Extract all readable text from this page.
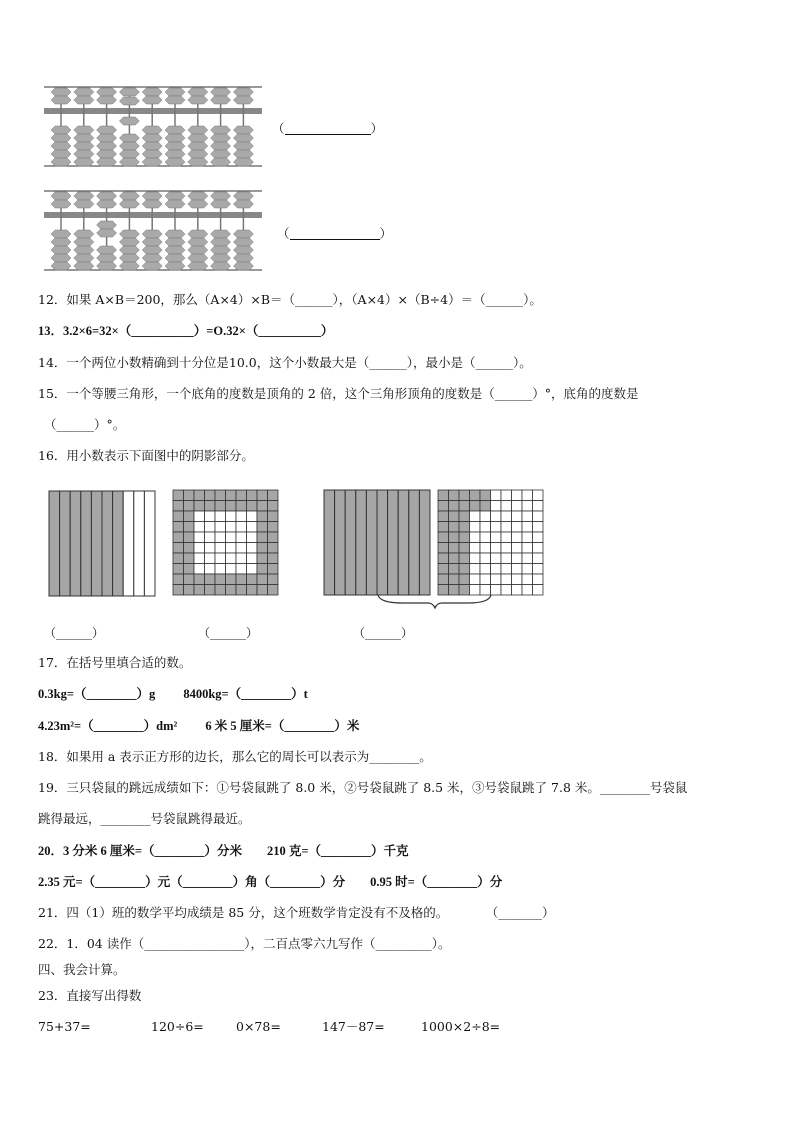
（	）
（	）
12．如果 A×B＝200，那么（A×4）×B＝（______），（A×4）×（B÷4）＝（______）。
13．3.2×6=32×（__________）=O.32×（__________）
14．一个两位小数精确到十分位是10.0，这个小数最大是（______），最小是（______）。
15．一个等腰三角形，一个底角的度数是顶角的 2 倍，这个三角形顶角的度数是（______）°，底角的度数是
（______）°。
16．用小数表示下面图中的阴影部分。
（______）	（______）	（______）
17．在括号里填合适的数。
0.3kg=（________）g　　 8400kg=（________）t
4.23m²=（________）dm²　　 6 米 5 厘米=（________）米
18．如果用 a 表示正方形的边长，那么它的周长可以表示为________。
19．三只袋鼠的跳远成绩如下：①号袋鼠跳了 8.0 米，②号袋鼠跳了 8.5 米，③号袋鼠跳了 7.8 米。________号袋鼠
跳得最远，________号袋鼠跳得最近。
20．3 分米 6 厘米=（________）分米　　210 克=（________）千克
2.35 元=（________）元（________）角（________）分　　0.95 时=（________）分
21．四（1）班的数学平均成绩是 85 分，这个班数学肯定没有不及格的。　　　　（_______）
22．1．04 读作（________________），二百点零六九写作（_________）。
四、我会计算。
23．直接写出得数
75+37=	120÷6=	0×78=	147－87=	1000×2÷8=
